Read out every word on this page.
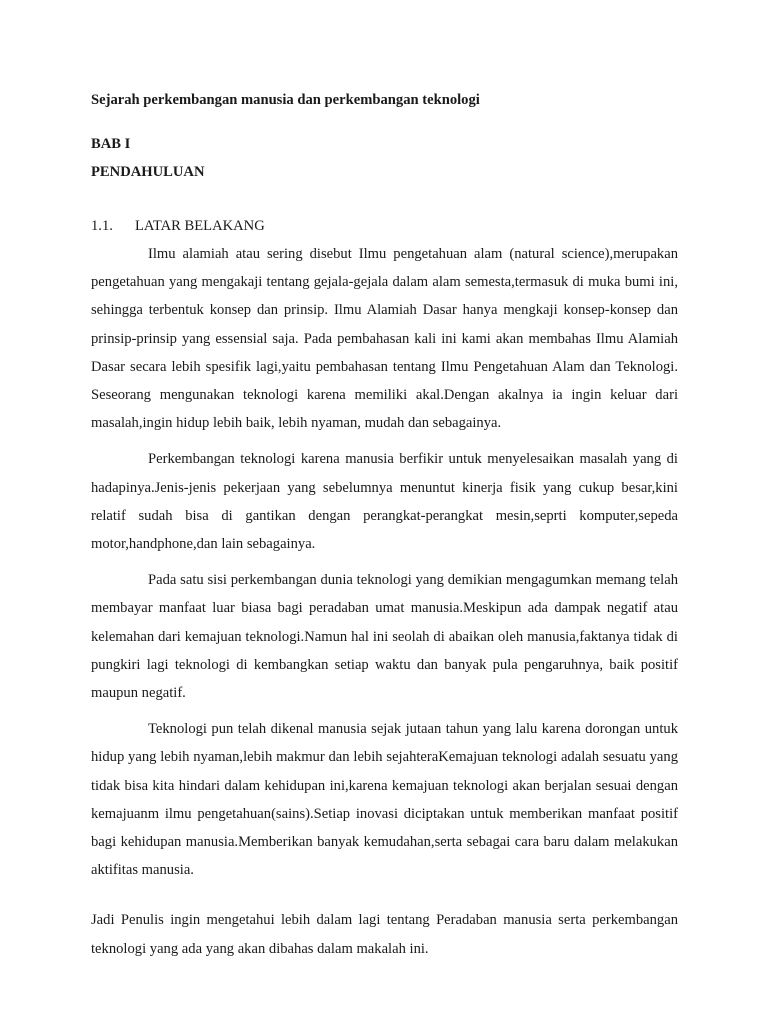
Sejarah perkembangan manusia dan perkembangan teknologi

BAB I

PENDAHULUAN

1.1. LATAR BELAKANG

Ilmu alamiah atau sering disebut Ilmu pengetahuan alam (natural science),merupakan pengetahuan yang mengakaji tentang gejala-gejala dalam alam semesta,termasuk di muka bumi ini, sehingga terbentuk konsep dan prinsip. Ilmu Alamiah Dasar hanya mengkaji konsep-konsep dan prinsip-prinsip yang essensial saja. Pada pembahasan kali ini kami akan membahas Ilmu Alamiah Dasar secara lebih spesifik lagi,yaitu pembahasan tentang Ilmu Pengetahuan Alam dan Teknologi. Seseorang mengunakan teknologi karena memiliki akal.Dengan akalnya ia ingin keluar dari masalah,ingin hidup lebih baik, lebih nyaman, mudah dan sebagainya.

Perkembangan teknologi karena manusia berfikir untuk menyelesaikan masalah yang di hadapinya.Jenis-jenis pekerjaan yang sebelumnya menuntut kinerja fisik yang cukup besar,kini relatif sudah bisa di gantikan dengan perangkat-perangkat mesin,seprti komputer,sepeda motor,handphone,dan lain sebagainya.

Pada satu sisi perkembangan dunia teknologi yang demikian mengagumkan memang telah membayar manfaat luar biasa bagi peradaban umat manusia.Meskipun ada dampak negatif atau kelemahan dari kemajuan teknologi.Namun hal ini seolah di abaikan oleh manusia,faktanya tidak di pungkiri lagi teknologi di kembangkan setiap waktu dan banyak pula pengaruhnya, baik positif maupun negatif.

Teknologi pun telah dikenal manusia sejak jutaan tahun yang lalu karena dorongan untuk hidup yang lebih nyaman,lebih makmur dan lebih sejahteraKemajuan teknologi adalah sesuatu yang tidak bisa kita hindari dalam kehidupan ini,karena kemajuan teknologi akan berjalan sesuai dengan kemajuanm ilmu pengetahuan(sains).Setiap inovasi diciptakan untuk memberikan manfaat positif bagi kehidupan manusia.Memberikan banyak kemudahan,serta sebagai cara baru dalam melakukan aktifitas manusia.

Jadi Penulis ingin mengetahui lebih dalam lagi tentang Peradaban manusia serta perkembangan teknologi yang ada yang akan dibahas dalam makalah ini.
